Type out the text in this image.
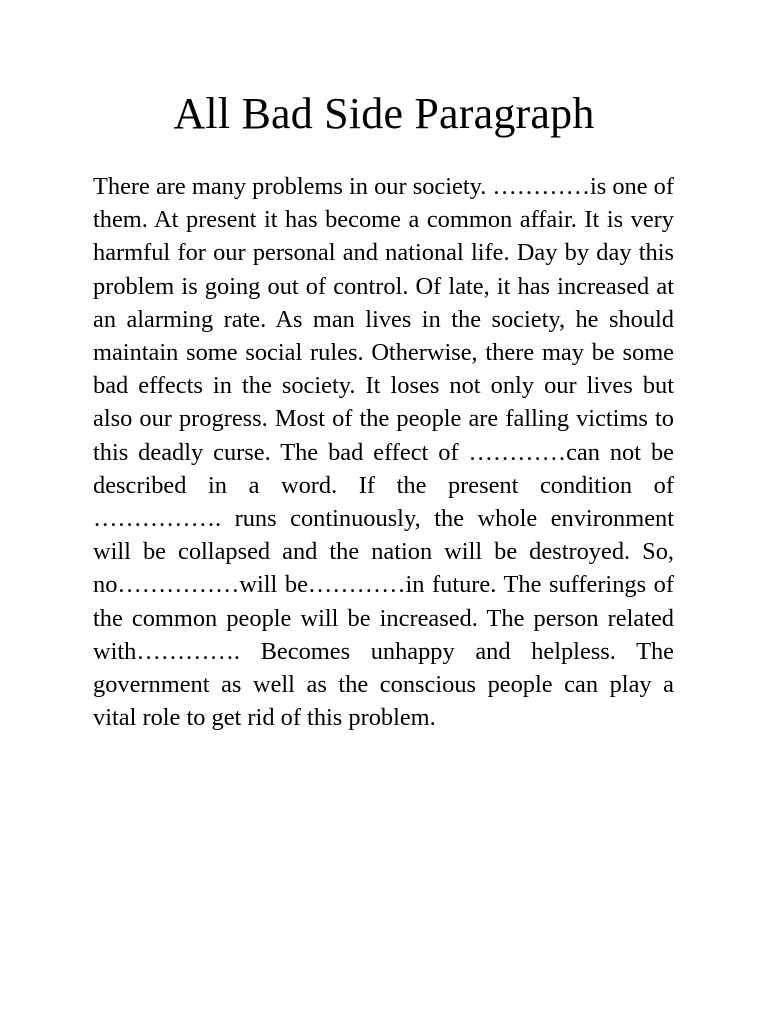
All Bad Side Paragraph

There are many problems in our society. …………is one of them. At present it has become a common affair. It is very harmful for our personal and national life. Day by day this problem is going out of control. Of late, it has increased at an alarming rate. As man lives in the society, he should maintain some social rules. Otherwise, there may be some bad effects in the society. It loses not only our lives but also our progress. Most of the people are falling victims to this deadly curse. The bad effect of …………can not be described in a word. If the present condition of ……………. runs continuously, the whole environment will be collapsed and the nation will be destroyed. So, no……………will be…………in future. The sufferings of the common people will be increased. The person related with…………. Becomes unhappy and helpless. The government as well as the conscious people can play a vital role to get rid of this problem.
